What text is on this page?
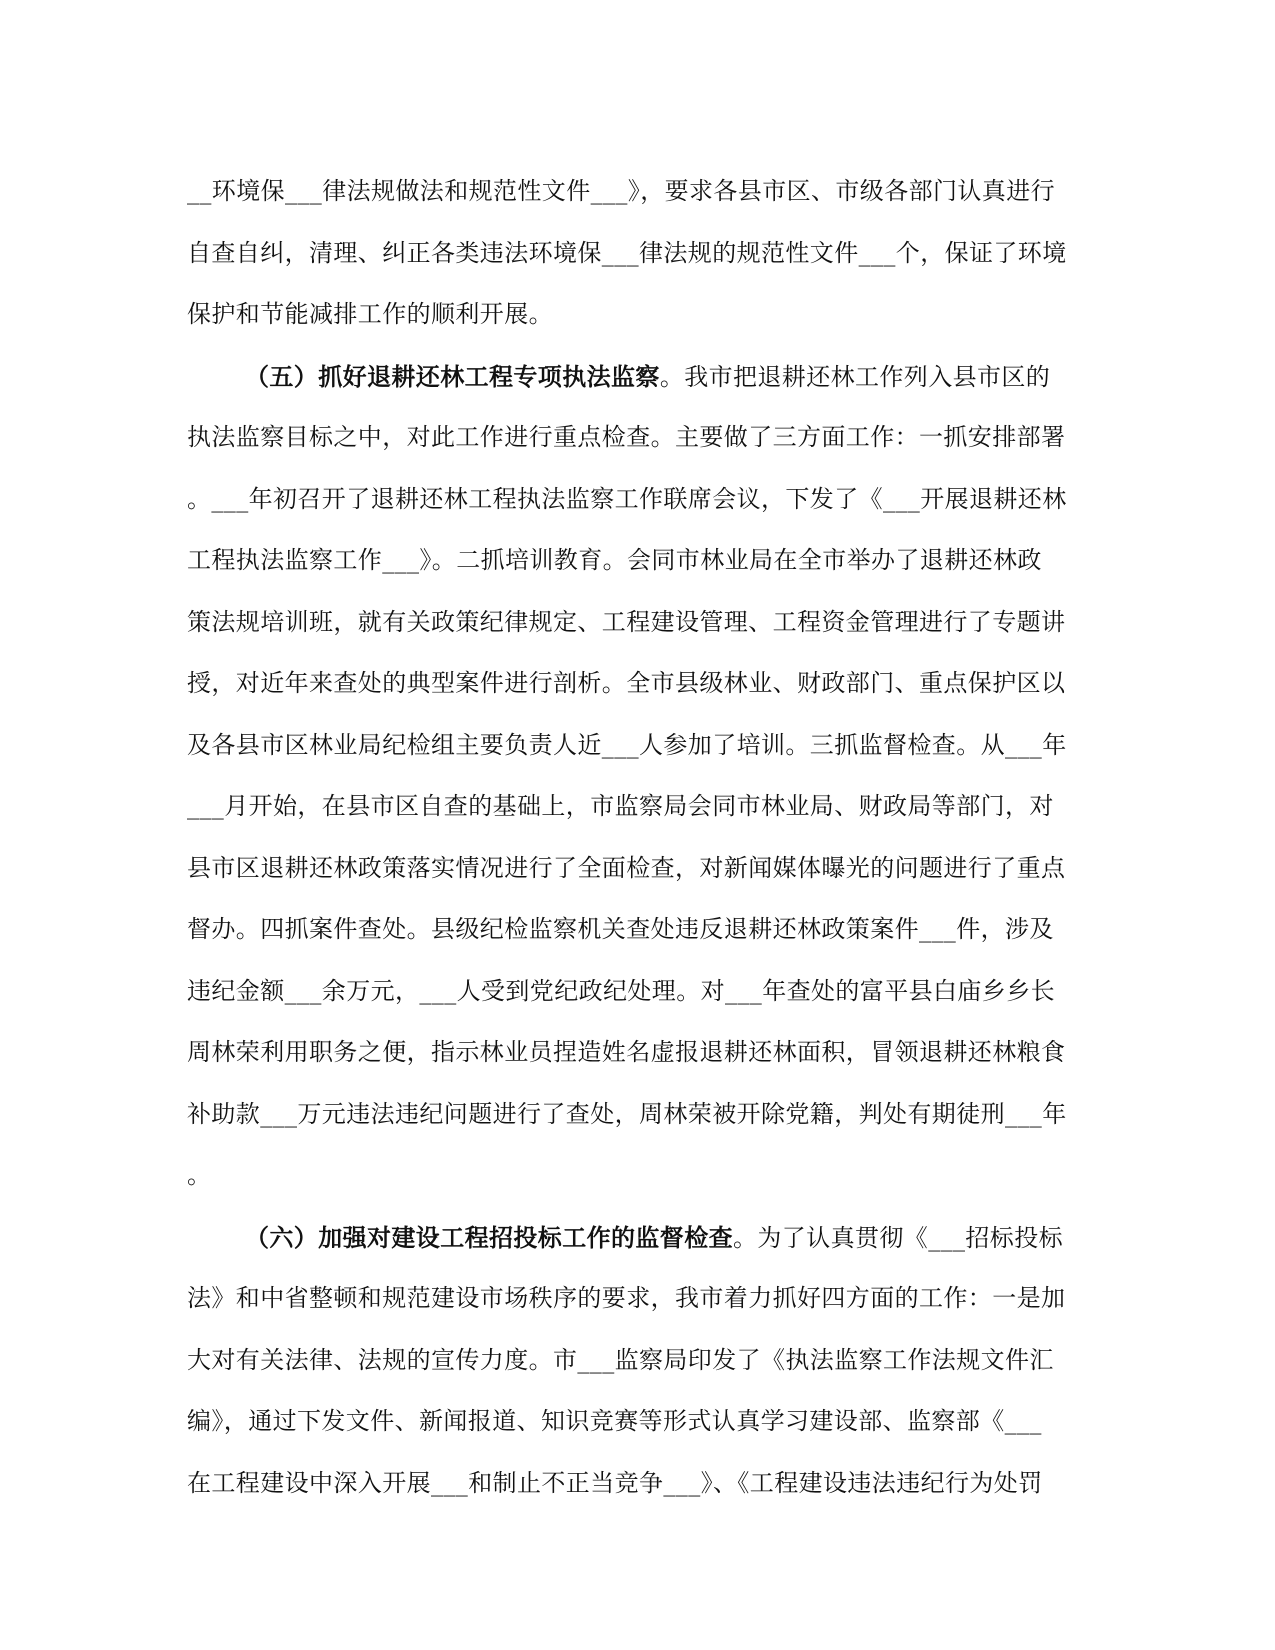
__环境保___律法规做法和规范性文件___》，要求各县市区、市级各部门认真进行
自查自纠，清理、纠正各类违法环境保___律法规的规范性文件___个，保证了环境
保护和节能减排工作的顺利开展。
（五）抓好退耕还林工程专项执法监察。我市把退耕还林工作列入县市区的
执法监察目标之中，对此工作进行重点检查。主要做了三方面工作：一抓安排部署
。___年初召开了退耕还林工程执法监察工作联席会议，下发了《___开展退耕还林
工程执法监察工作___》。二抓培训教育。会同市林业局在全市举办了退耕还林政
策法规培训班，就有关政策纪律规定、工程建设管理、工程资金管理进行了专题讲
授，对近年来查处的典型案件进行剖析。全市县级林业、财政部门、重点保护区以
及各县市区林业局纪检组主要负责人近___人参加了培训。三抓监督检查。从___年
___月开始，在县市区自查的基础上，市监察局会同市林业局、财政局等部门，对
县市区退耕还林政策落实情况进行了全面检查，对新闻媒体曝光的问题进行了重点
督办。四抓案件查处。县级纪检监察机关查处违反退耕还林政策案件___件，涉及
违纪金额___余万元，___人受到党纪政纪处理。对___年查处的富平县白庙乡乡长
周林荣利用职务之便，指示林业员捏造姓名虚报退耕还林面积，冒领退耕还林粮食
补助款___万元违法违纪问题进行了查处，周林荣被开除党籍，判处有期徒刑___年
。
（六）加强对建设工程招投标工作的监督检查。为了认真贯彻《___招标投标
法》和中省整顿和规范建设市场秩序的要求，我市着力抓好四方面的工作：一是加
大对有关法律、法规的宣传力度。市___监察局印发了《执法监察工作法规文件汇
编》，通过下发文件、新闻报道、知识竞赛等形式认真学习建设部、监察部《___
在工程建设中深入开展___和制止不正当竞争___》、《工程建设违法违纪行为处罚
